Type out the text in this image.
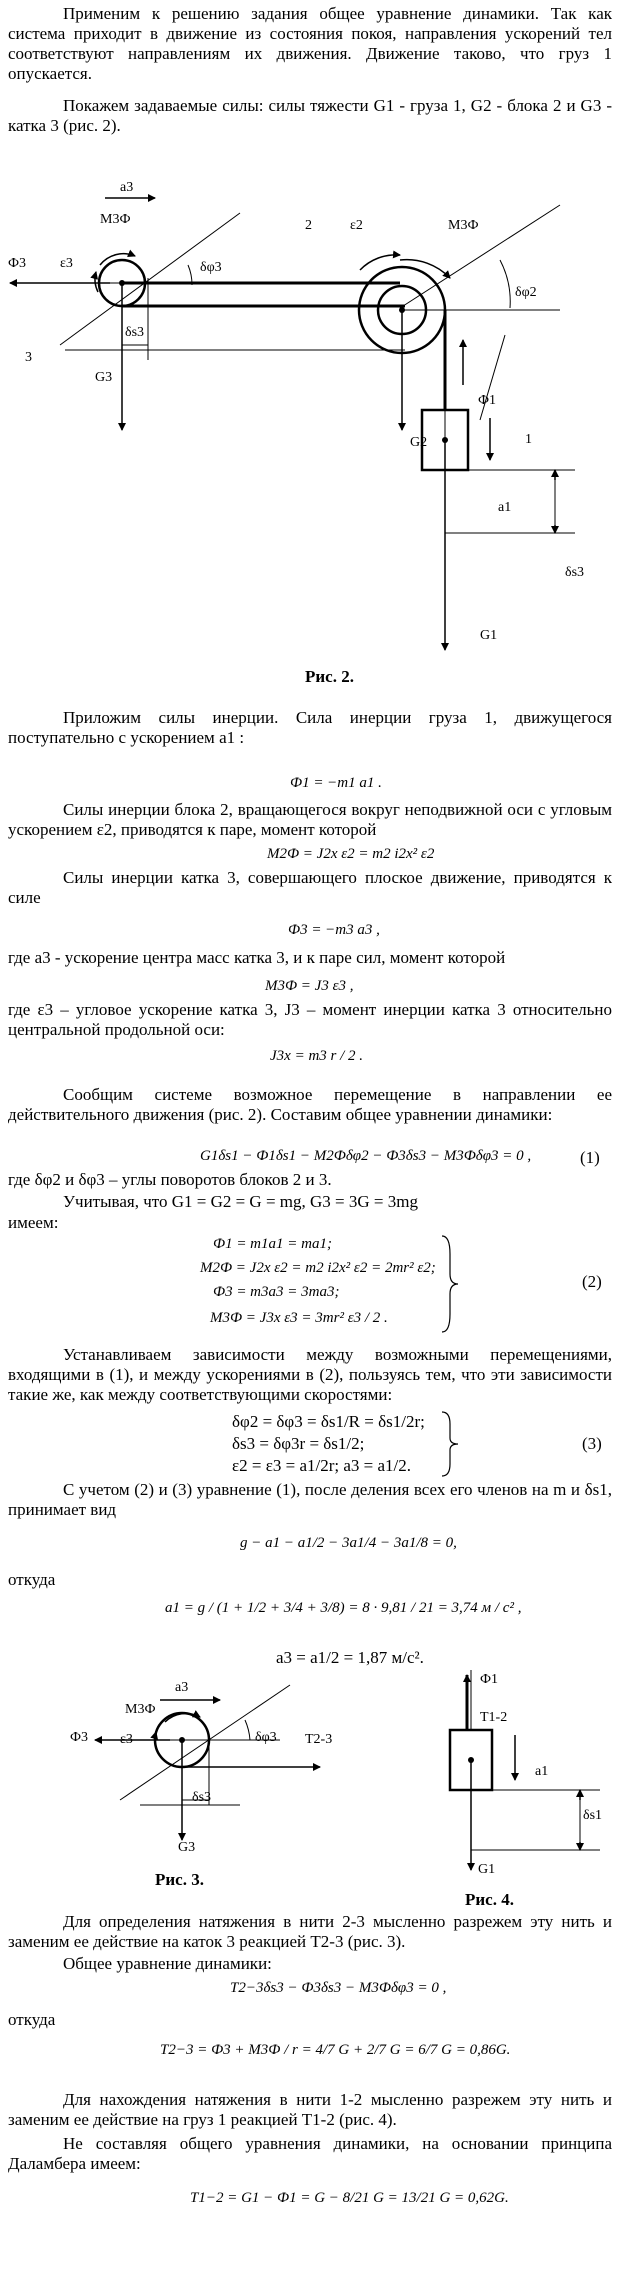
Применим к решению задания общее уравнение динамики. Так как система приходит в движение из состояния покоя, направления ускорений тел соответствуют направлениям их движения. Движение таково, что груз 1 опускается.
Покажем задаваемые силы: силы тяжести G1 - груза 1, G2 - блока 2 и G3 - катка 3 (рис. 2).
a3
M3Ф
Ф3 ε3	δφ3
δs3
3
G3
2	ε2	M3Ф
δφ2
Ф1
G2	1
a1
δs3
G1
Рис. 2.
Приложим силы инерции. Сила инерции груза 1, движущегося поступательно с ускорением a1 :
Ф1 = −m1 a1 .
Силы инерции блока 2, вращающегося вокруг неподвижной оси с угловым ускорением ε2, приводятся к паре, момент которой
M2Ф = J2x ε2 = m2 i2x² ε2
Силы инерции катка 3, совершающего плоское движение, приводятся к силе
Ф3 = −m3 a3 ,
где a3 - ускорение центра масс катка 3, и к паре сил, момент которой
M3Ф = J3 ε3 ,
где ε3 – угловое ускорение катка 3, J3 – момент инерции катка 3 относительно центральной продольной оси:
J3x = m3 r / 2 .
Сообщим системе возможное перемещение в направлении ее действительного движения (рис. 2). Составим общее уравнении динамики:
G1δs1 − Ф1δs1 − M2Фδφ2 − Ф3δs3 − M3Фδφ3 = 0 ,	(1)
где δφ2 и δφ3 – углы поворотов блоков 2 и 3.
Учитывая, что G1 = G2 = G = mg, G3 = 3G = 3mg
имеем:
Ф1 = m1a1 = ma1;
M2Ф = J2x ε2 = m2 i2x² ε2 = 2mr² ε2;
Ф3 = m3a3 = 3ma3;
M3Ф = J3x ε3 = 3mr² ε3 / 2 .
(2)
Устанавливаем зависимости между возможными перемещениями, входящими в (1), и между ускорениями в (2), пользуясь тем, что эти зависимости такие же, как между соответствующими скоростями:
δφ2 = δφ3 = δs1/R = δs1/2r;
δs3 = δφ3r = δs1/2;
ε2 = ε3 = a1/2r; a3 = a1/2.
(3)
С учетом (2) и (3) уравнение (1), после деления всех его членов на m и δs1, принимает вид
g − a1 − a1/2 − 3a1/4 − 3a1/8 = 0,
откуда
a1 = g / (1 + 1/2 + 3/4 + 3/8) = 8 · 9,81 / 21 = 3,74 м / с² ,
a3 = a1/2 = 1,87 м/с².
a3
M3Ф
Ф3 ε3	δφ3 T2-3
δs3
G3
Рис. 3.
Ф1
T1-2
a1
δs1
G1
Рис. 4.
Для определения натяжения в нити 2-3 мысленно разрежем эту нить и заменим ее действие на каток 3 реакцией T2-3 (рис. 3).
Общее уравнение динамики:
T2−3δs3 − Ф3δs3 − M3Фδφ3 = 0 ,
откуда
T2−3 = Ф3 + M3Ф / r = 4/7 G + 2/7 G = 6/7 G = 0,86G.
Для нахождения натяжения в нити 1-2 мысленно разрежем эту нить и заменим ее действие на груз 1 реакцией T1-2 (рис. 4).
Не составляя общего уравнения динамики, на основании принципа Даламбера имеем:
T1−2 = G1 − Ф1 = G − 8/21 G = 13/21 G = 0,62G.
